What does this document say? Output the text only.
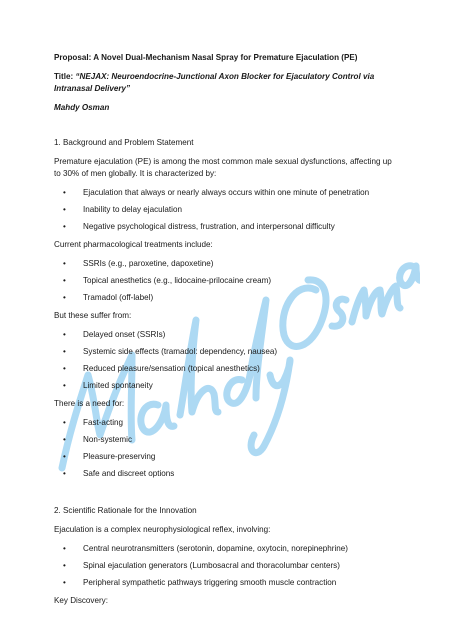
Proposal: A Novel Dual-Mechanism Nasal Spray for Premature Ejaculation (PE)

Title: “NEJAX: Neuroendocrine-Junctional Axon Blocker for Ejaculatory Control via Intranasal Delivery”

Mahdy Osman

1. Background and Problem Statement

Premature ejaculation (PE) is among the most common male sexual dysfunctions, affecting up to 30% of men globally. It is characterized by:

• Ejaculation that always or nearly always occurs within one minute of penetration
• Inability to delay ejaculation
• Negative psychological distress, frustration, and interpersonal difficulty

Current pharmacological treatments include:

• SSRIs (e.g., paroxetine, dapoxetine)
• Topical anesthetics (e.g., lidocaine-prilocaine cream)
• Tramadol (off-label)

But these suffer from:

• Delayed onset (SSRIs)
• Systemic side effects (tramadol: dependency, nausea)
• Reduced pleasure/sensation (topical anesthetics)
• Limited spontaneity

There is a need for:

• Fast-acting
• Non-systemic
• Pleasure-preserving
• Safe and discreet options

2. Scientific Rationale for the Innovation

Ejaculation is a complex neurophysiological reflex, involving:

• Central neurotransmitters (serotonin, dopamine, oxytocin, norepinephrine)
• Spinal ejaculation generators (Lumbosacral and thoracolumbar centers)
• Peripheral sympathetic pathways triggering smooth muscle contraction

Key Discovery:
